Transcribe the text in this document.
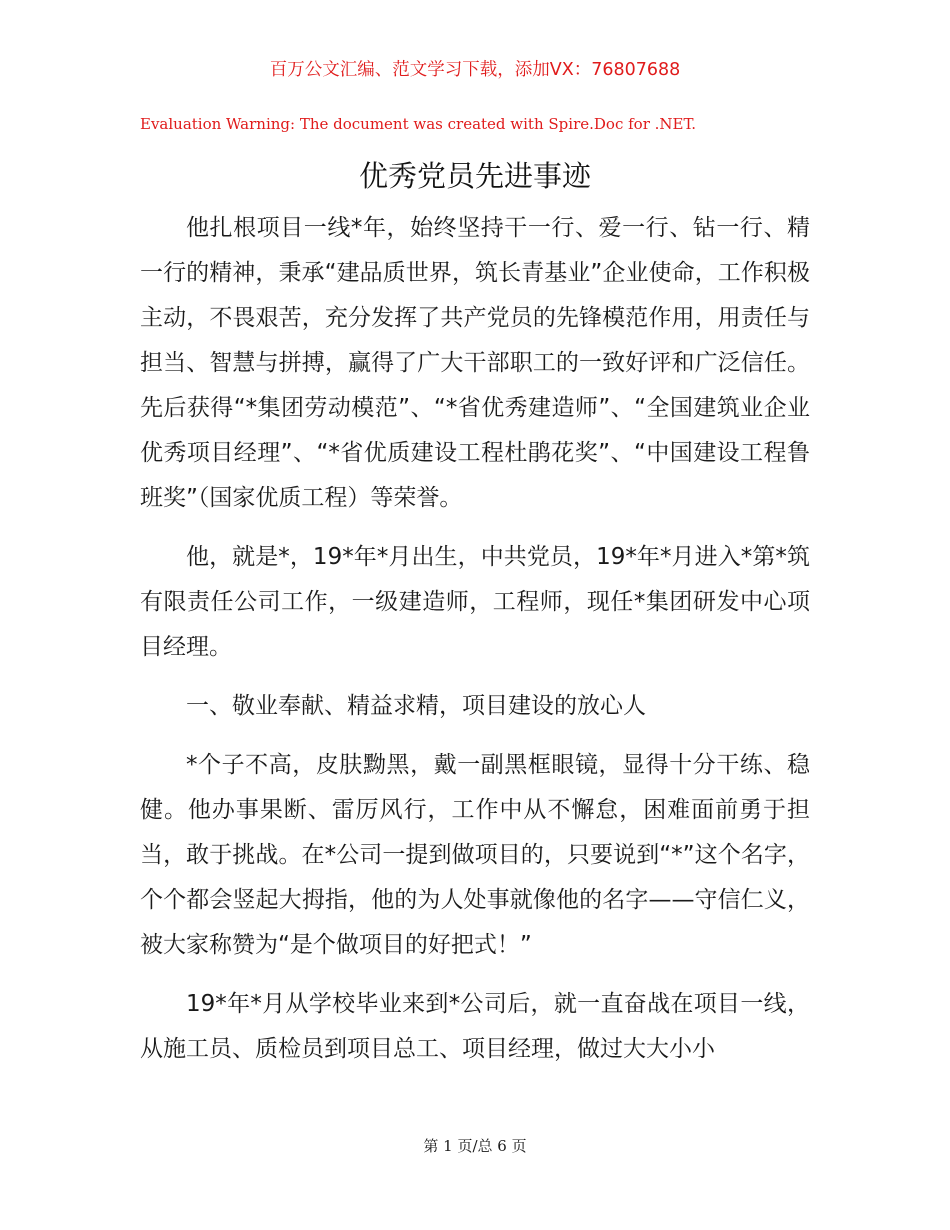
百万公文汇编、范文学习下载，添加VX：76807688
Evaluation Warning: The document was created with Spire.Doc for .NET.
优秀党员先进事迹

他扎根项目一线*年，始终坚持干一行、爱一行、钻一行、精一行的精神，秉承“建品质世界，筑长青基业”企业使命，工作积极主动，不畏艰苦，充分发挥了共产党员的先锋模范作用，用责任与担当、智慧与拼搏，赢得了广大干部职工的一致好评和广泛信任。先后获得“*集团劳动模范”、“*省优秀建造师”、“全国建筑业企业优秀项目经理”、“*省优质建设工程杜鹃花奖”、“中国建设工程鲁班奖”（国家优质工程）等荣誉。

他，就是*，19*年*月出生，中共党员，19*年*月进入*第*筑有限责任公司工作，一级建造师，工程师，现任*集团研发中心项目经理。

一、敬业奉献、精益求精，项目建设的放心人

*个子不高，皮肤黝黑，戴一副黑框眼镜，显得十分干练、稳健。他办事果断、雷厉风行，工作中从不懈怠，困难面前勇于担当，敢于挑战。在*公司一提到做项目的，只要说到“*”这个名字，个个都会竖起大拇指，他的为人处事就像他的名字——守信仁义，被大家称赞为“是个做项目的好把式！”

19*年*月从学校毕业来到*公司后，就一直奋战在项目一线，从施工员、质检员到项目总工、项目经理，做过大大小小

第 1 页/总 6 页
